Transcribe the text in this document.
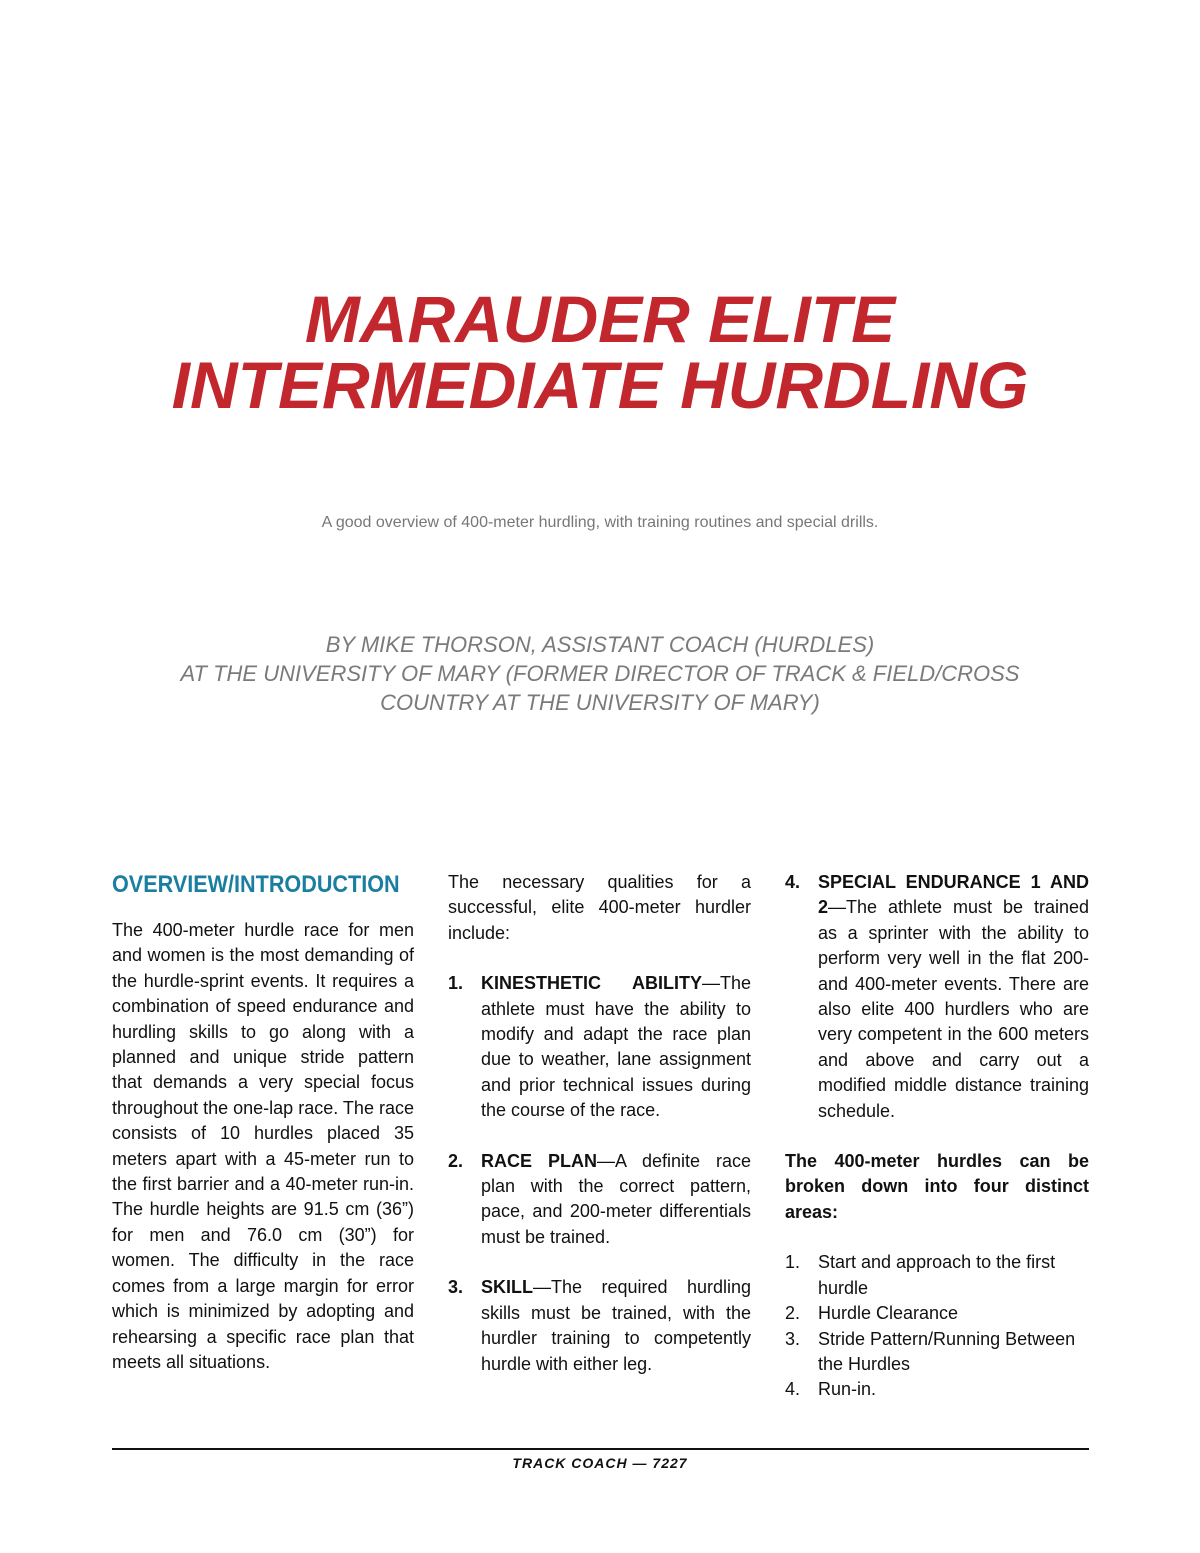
MARAUDER ELITE
INTERMEDIATE HURDLING

A good overview of 400-meter hurdling, with training routines and special drills.

BY MIKE THORSON, ASSISTANT COACH (HURDLES)
AT THE UNIVERSITY OF MARY (FORMER DIRECTOR OF TRACK & FIELD/CROSS
COUNTRY AT THE UNIVERSITY OF MARY)
OVERVIEW/INTRODUCTION

The 400-meter hurdle race for men and women is the most demanding of the hurdle-sprint events. It requires a combination of speed endurance and hurdling skills to go along with a planned and unique stride pattern that demands a very special focus throughout the one-lap race. The race consists of 10 hurdles placed 35 meters apart with a 45-meter run to the first barrier and a 40-meter run-in. The hurdle heights are 91.5 cm (36”) for men and 76.0 cm (30”) for women. The difficulty in the race comes from a large margin for error which is minimized by adopting and rehearsing a specific race plan that meets all situations.

The necessary qualities for a successful, elite 400-meter hurdler include:

1. KINESTHETIC ABILITY—The athlete must have the ability to modify and adapt the race plan due to weather, lane assignment and prior technical issues during the course of the race.
2. RACE PLAN—A definite race plan with the correct pattern, pace, and 200-meter differentials must be trained.
3. SKILL—The required hurdling skills must be trained, with the hurdler training to competently hurdle with either leg.
4. SPECIAL ENDURANCE 1 AND 2—The athlete must be trained as a sprinter with the ability to perform very well in the flat 200- and 400-meter events. There are also elite 400 hurdlers who are very competent in the 600 meters and above and carry out a modified middle distance training schedule.

The 400-meter hurdles can be broken down into four distinct areas:

1. Start and approach to the first hurdle
2. Hurdle Clearance
3. Stride Pattern/Running Between the Hurdles
4. Run-in.
TRACK COACH — 7227
